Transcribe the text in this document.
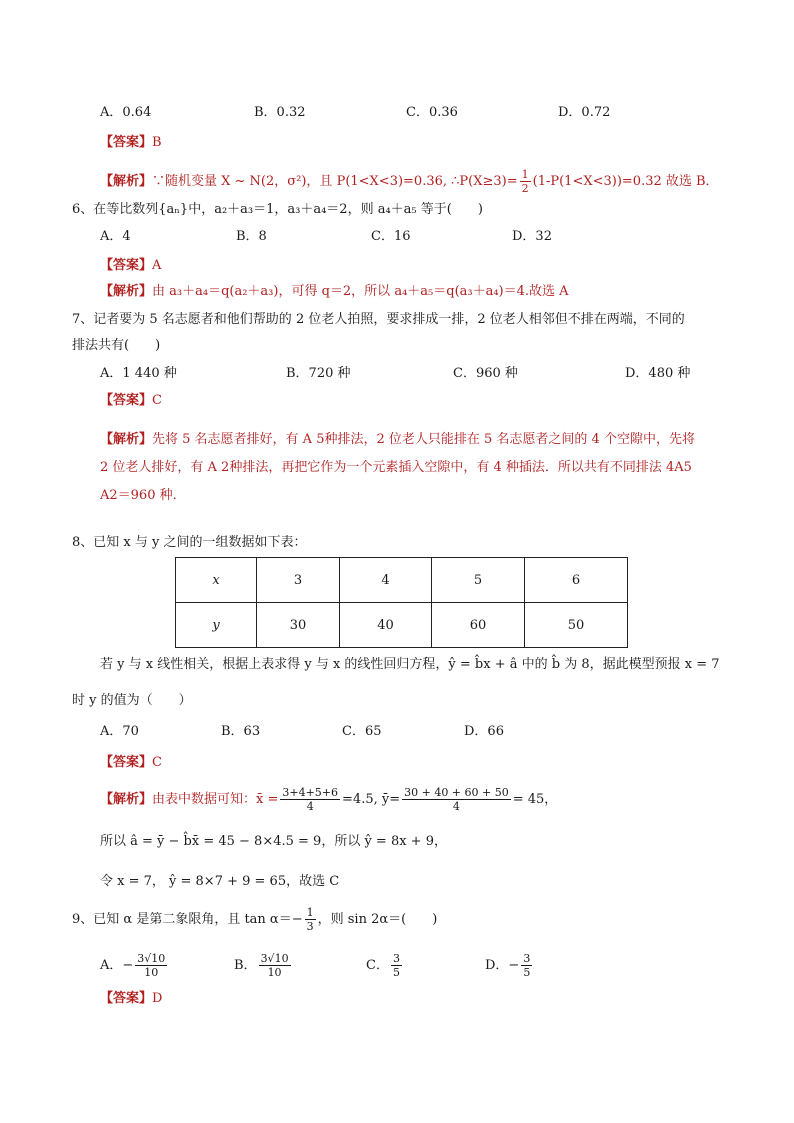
A．0.64	B．0.32	C．0.36	D．0.72
【答案】B
【解析】∵随机变量 X ~ N(2，σ²)，且 P(1<X<3)=0.36, ∴P(X≥3)= $\frac{1}{2} (1-P(1<X<3))=0.32$ 故选 B．
6、在等比数列{aₙ}中，a₂＋a₃＝1，a₃＋a₄＝2，则 a₄＋a₅ 等于(　　)
A．4	B．8	C．16	D．32
【答案】A
【解析】由 a₃＋a₄＝q(a₂＋a₃)，可得 q＝2，所以 a₄＋a₅＝q(a₃＋a₄)＝4.故选 A
7、记者要为 5 名志愿者和他们帮助的 2 位老人拍照，要求排成一排，2 位老人相邻但不排在两端，不同的
排法共有(　　)
A．1 440 种	B．720 种	C．960 种	D．480 种
【答案】C
【解析】先将 5 名志愿者排好，有 A 5种排法，2 位老人只能排在 5 名志愿者之间的 4 个空隙中，先将
2 位老人排好，有 A 2种排法，再把它作为一个元素插入空隙中，有 4 种插法．所以共有不同排法 4A5
A2＝960 种．
8、已知 x 与 y 之间的一组数据如下表：
x	3	4	5	6
y	30	40	60	50
若 y 与 x 线性相关，根据上表求得 y 与 x 的线性回归方程，ŷ = b̂x + â 中的 b̂ 为 8，据此模型预报 x = 7
时 y 的值为（　　）
A．70	B．63	C．65	D．66
【答案】C
【解析】由表中数据可知：x̄ = $\frac{3+4+5+6}{4} =4.5$, ȳ= $\frac{30 + 40 + 60 + 50}{4} = 45$，
所以 â = ȳ − b̂x̄ = 45 − 8×4.5 = 9，所以 ŷ = 8x + 9，
令 x = 7， ŷ = 8×7 + 9 = 65，故选 C
9、已知 α 是第二象限角，且 $\tan \alpha=- \frac{1}{3}$ ，则 sin 2α＝(　　)
A．− $\frac{3√10}{10}$	B． $\frac{3√10}{10}$	C． $\frac{3}{5}$	D．− $\frac{3}{5}$
【答案】D
